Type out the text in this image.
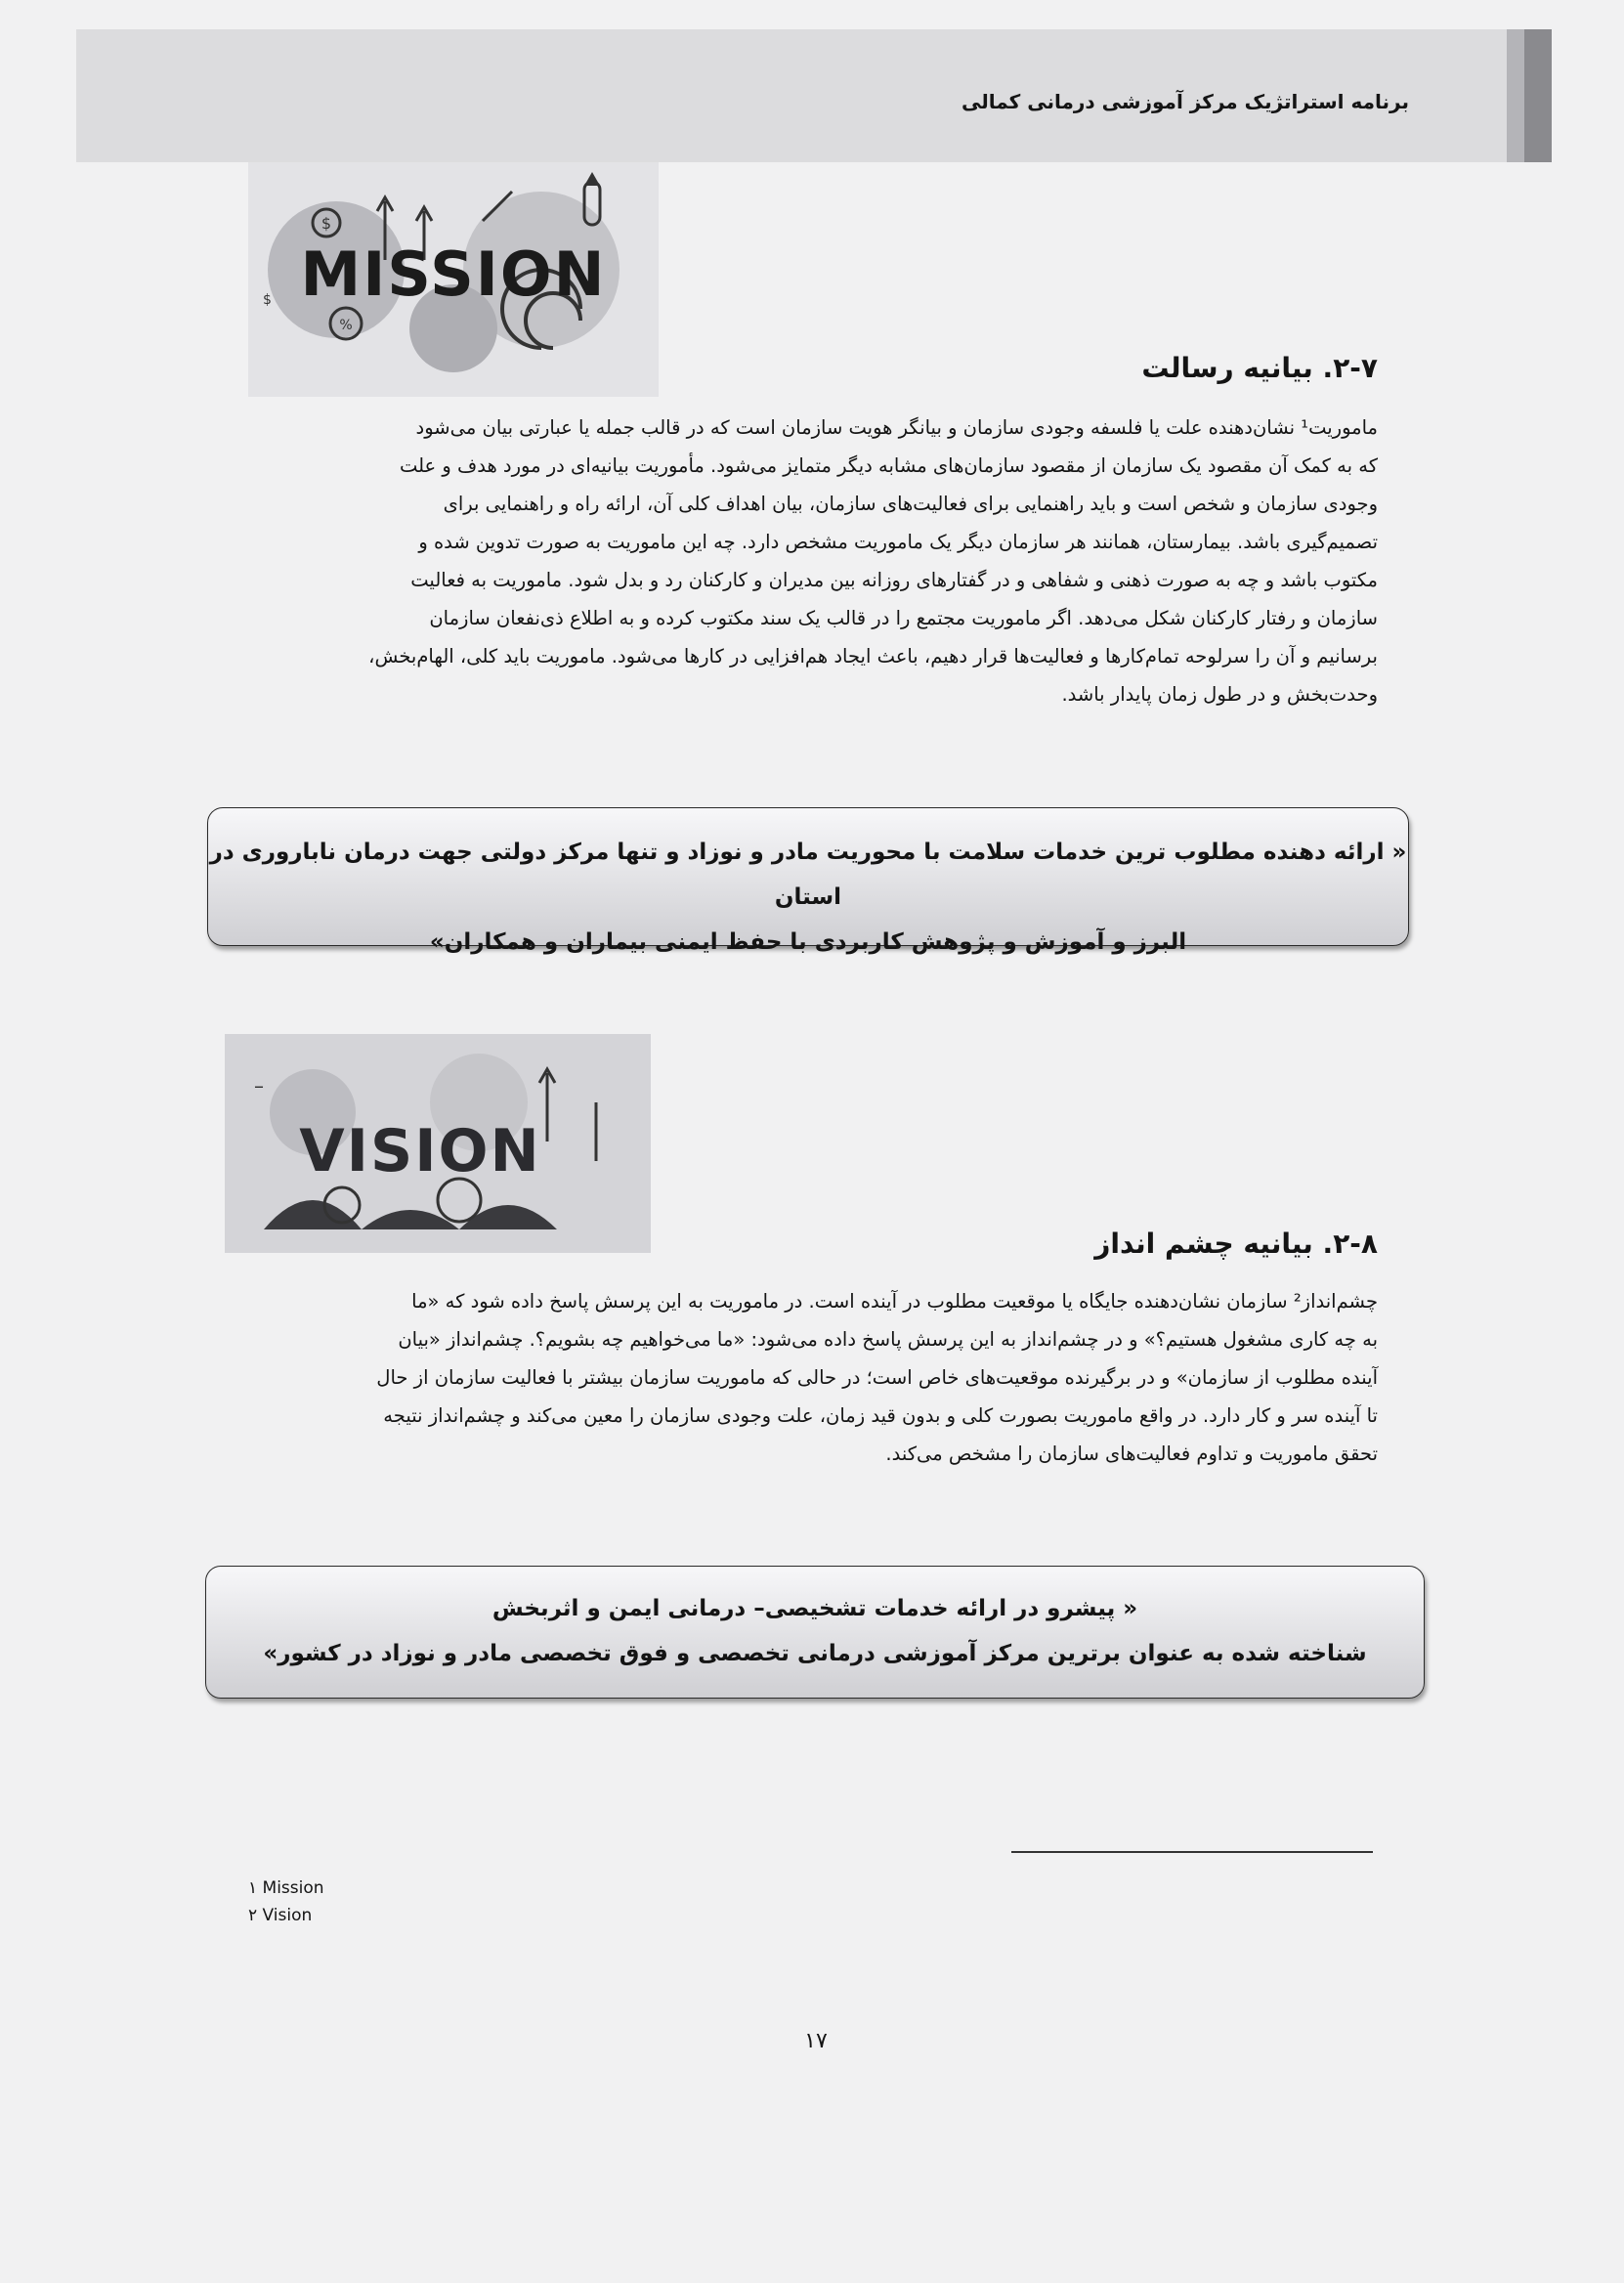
برنامه استراتژیک مرکز آموزشی درمانی کمالی
$
MISSION
%
$
۲-۷. بیانیه رسالت
ماموریت¹ نشان‌دهنده علت یا فلسفه وجودی سازمان و بیانگر هویت سازمان است که در قالب جمله یا عبارتی بیان می‌شود
که به کمک آن مقصود یک سازمان از مقصود سازمان‌های مشابه دیگر متمایز می‌شود. مأموریت بیانیه‌ای در مورد هدف و علت
وجودی سازمان و شخص است و باید راهنمایی برای فعالیت‌های سازمان، بیان اهداف کلی آن، ارائه راه و راهنمایی برای
تصمیم‌گیری باشد. بیمارستان، همانند هر سازمان دیگر یک ماموریت مشخص دارد. چه این ماموریت به صورت تدوین شده و
مکتوب باشد و چه به صورت ذهنی و شفاهی و در گفتارهای روزانه بین مدیران و کارکنان رد و بدل شود. ماموریت به فعالیت
سازمان و رفتار کارکنان شکل می‌دهد. اگر ماموریت مجتمع را در قالب یک سند مکتوب کرده و به اطلاع ذی‌نفعان سازمان
برسانیم و آن را سرلوحه تمام‌کارها و فعالیت‌ها قرار دهیم، باعث ایجاد هم‌افزایی در کارها می‌شود. ماموریت باید کلی، الهام‌بخش،
وحدت‌بخش و در طول زمان پایدار باشد.
« ارائه دهنده مطلوب ترین خدمات سلامت با محوریت مادر و نوزاد و تنها مرکز دولتی جهت درمان ناباروری در استان
البرز و آموزش و پژوهش کاربردی با حفظ ایمنی بیماران و همکاران»
VISION
–
۲-۸. بیانیه چشم انداز
چشم‌انداز² سازمان نشان‌دهنده جایگاه یا موقعیت مطلوب در آینده است. در ماموریت به این پرسش پاسخ داده شود که «ما
به چه کاری مشغول هستیم؟» و در چشم‌انداز به این پرسش پاسخ داده می‌شود: «ما می‌خواهیم چه بشویم؟. چشم‌انداز «بیان
آینده مطلوب از سازمان» و در برگیرنده موقعیت‌های خاص است؛ در حالی که ماموریت سازمان بیشتر با فعالیت سازمان از حال
تا آینده سر و کار دارد. در واقع ماموریت بصورت کلی و بدون قید زمان، علت وجودی سازمان را معین می‌کند و چشم‌انداز نتیجه
تحقق ماموریت و تداوم فعالیت‌های سازمان را مشخص می‌کند.
« پیشرو در ارائه خدمات تشخیصی– درمانی ایمن و اثربخش
شناخته شده به عنوان برترین مرکز آموزشی درمانی تخصصی و فوق تخصصی مادر و نوزاد در کشور»
۱ Mission
۲ Vision
۱۷
